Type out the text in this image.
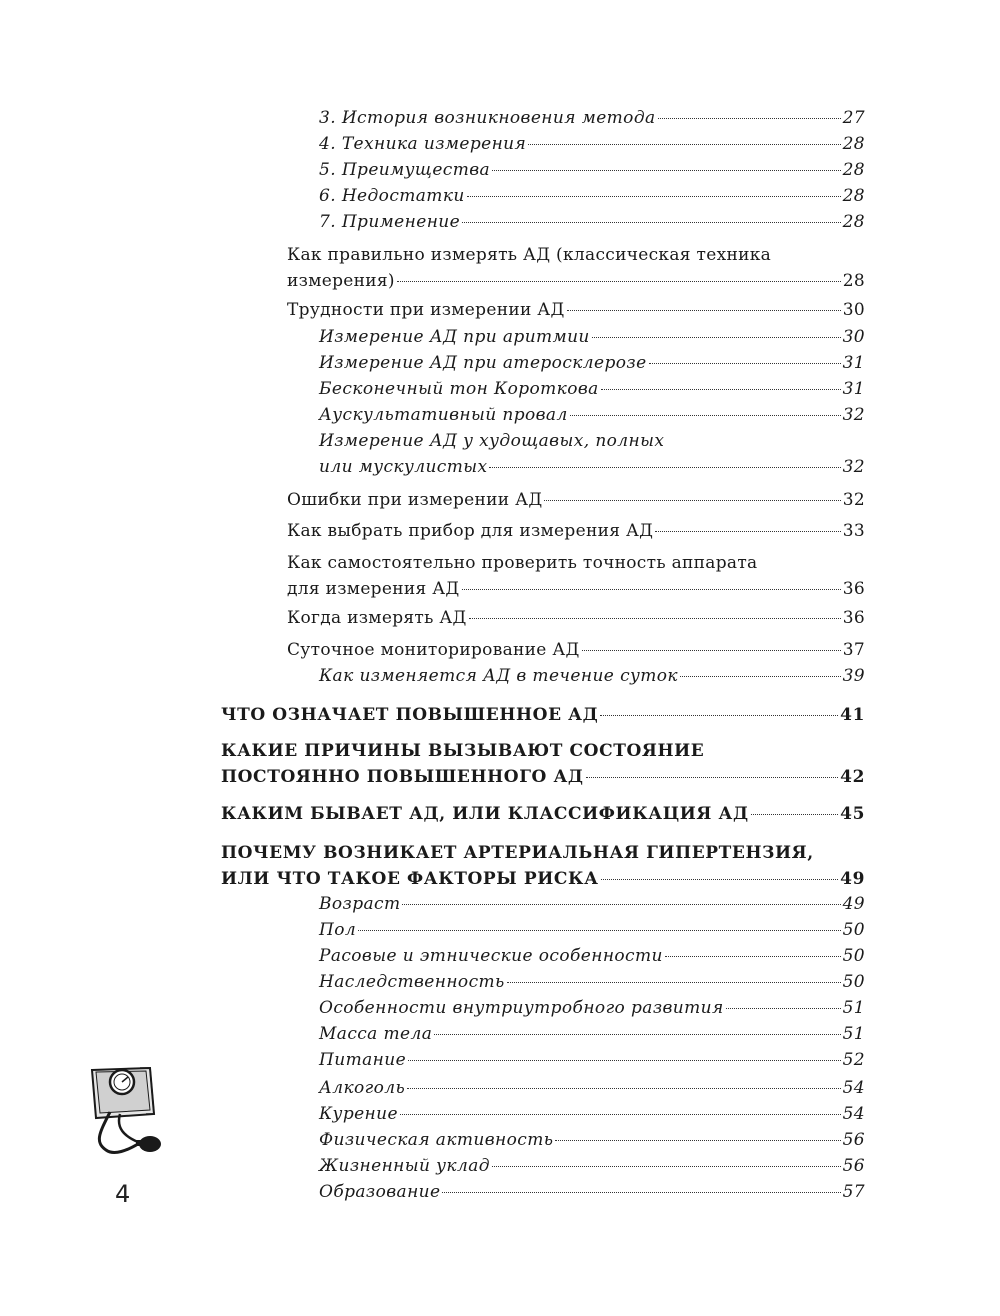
3. История возникновения метода	27
4. Техника измерения	28
5. Преимущества	28
6. Недостатки	28
7. Применение	28
Как правильно измерять АД (классическая техника
измерения)	28
Трудности при измерении АД	30
Измерение АД при аритмии	30
Измерение АД при атеросклерозе	31
Бесконечный тон Короткова	31
Аускультативный провал	32
Измерение АД у худощавых, полных
или мускулистых	32
Ошибки при измерении АД	32
Как выбрать прибор для измерения АД	33
Как самостоятельно проверить точность аппарата
для измерения АД	36
Когда измерять АД	36
Суточное мониторирование АД	37
Как изменяется АД в течение суток	39
ЧТО ОЗНАЧАЕТ ПОВЫШЕННОЕ АД	41
КАКИЕ ПРИЧИНЫ ВЫЗЫВАЮТ СОСТОЯНИЕ
ПОСТОЯННО ПОВЫШЕННОГО АД	42
КАКИМ БЫВАЕТ АД, ИЛИ КЛАССИФИКАЦИЯ АД	45
ПОЧЕМУ ВОЗНИКАЕТ АРТЕРИАЛЬНАЯ ГИПЕРТЕНЗИЯ,
ИЛИ ЧТО ТАКОЕ ФАКТОРЫ РИСКА	49
Возраст	49
Пол	50
Расовые и этнические особенности	50
Наследственность	50
Особенности внутриутробного развития	51
Масса тела	51
Питание	52
Алкоголь	54
Курение	54
Физическая активность	56
Жизненный уклад	56
Образование	57
4
